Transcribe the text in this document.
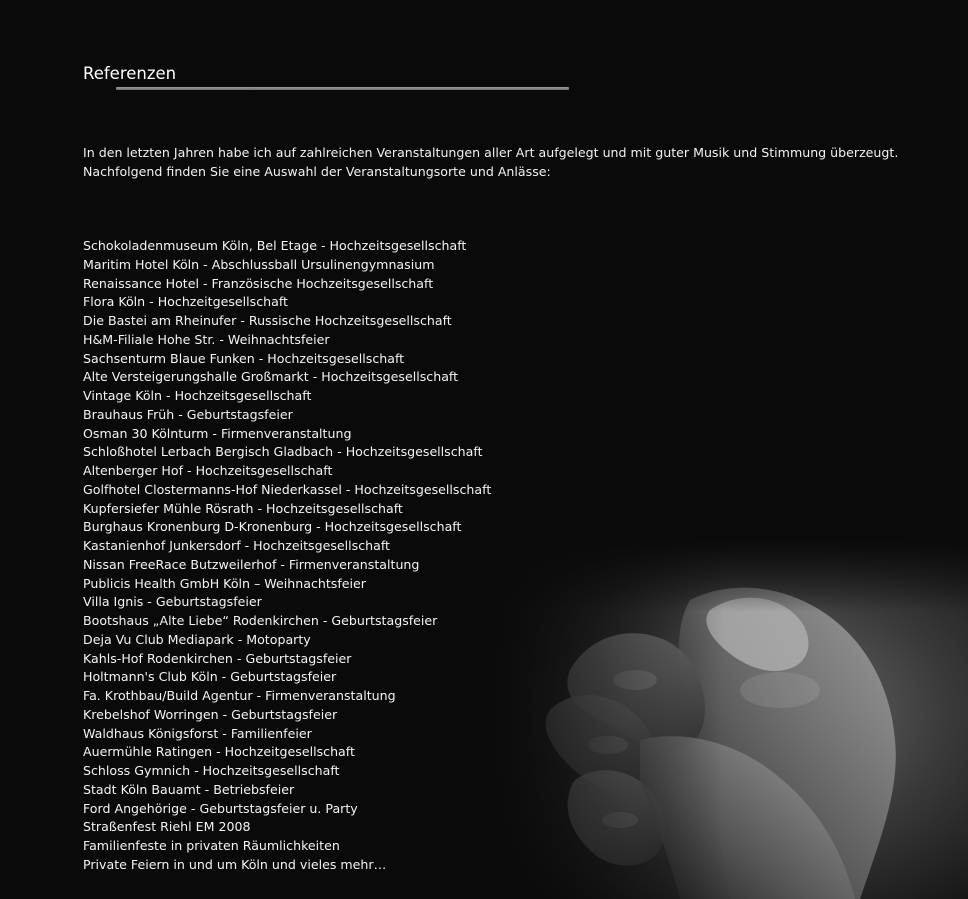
Referenzen

In den letzten Jahren habe ich auf zahlreichen Veranstaltungen aller Art aufgelegt und mit guter Musik und Stimmung überzeugt.

Nachfolgend finden Sie eine Auswahl der Veranstaltungsorte und Anlässe:

Schokoladenmuseum Köln, Bel Etage - Hochzeitsgesellschaft
Maritim Hotel Köln - Abschlussball Ursulinengymnasium
Renaissance Hotel - Französische Hochzeitsgesellschaft
Flora Köln - Hochzeitgesellschaft
Die Bastei am Rheinufer - Russische Hochzeitsgesellschaft
H&M-Filiale Hohe Str. - Weihnachtsfeier
Sachsenturm Blaue Funken - Hochzeitsgesellschaft
Alte Versteigerungshalle Großmarkt - Hochzeitsgesellschaft
Vintage Köln - Hochzeitsgesellschaft
Brauhaus Früh - Geburtstagsfeier
Osman 30 Kölnturm - Firmenveranstaltung
Schloßhotel Lerbach Bergisch Gladbach - Hochzeitsgesellschaft
Altenberger Hof - Hochzeitsgesellschaft
Golfhotel Clostermanns-Hof Niederkassel - Hochzeitsgesellschaft
Kupfersiefer Mühle Rösrath - Hochzeitsgesellschaft
Burghaus Kronenburg D-Kronenburg - Hochzeitsgesellschaft
Kastanienhof Junkersdorf - Hochzeitsgesellschaft
Nissan FreeRace Butzweilerhof - Firmenveranstaltung
Publicis Health GmbH Köln – Weihnachtsfeier
Villa Ignis - Geburtstagsfeier
Bootshaus „Alte Liebe“ Rodenkirchen - Geburtstagsfeier
Deja Vu Club Mediapark - Motoparty
Kahls-Hof Rodenkirchen - Geburtstagsfeier
Holtmann's Club Köln - Geburtstagsfeier
Fa. Krothbau/Build Agentur - Firmenveranstaltung
Krebelshof Worringen - Geburtstagsfeier
Waldhaus Königsforst - Familienfeier
Auermühle Ratingen - Hochzeitgesellschaft
Schloss Gymnich - Hochzeitsgesellschaft
Stadt Köln Bauamt - Betriebsfeier
Ford Angehörige - Geburtstagsfeier u. Party
Straßenfest Riehl EM 2008
Familienfeste in privaten Räumlichkeiten
Private Feiern in und um Köln und vieles mehr…
